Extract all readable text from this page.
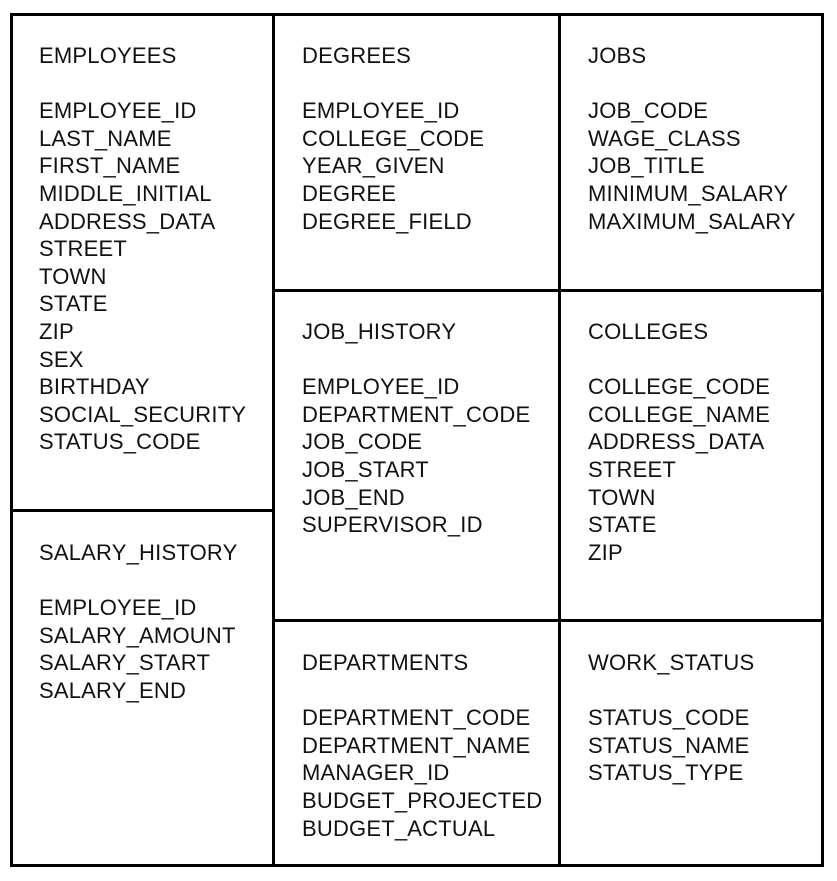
EMPLOYEES
EMPLOYEE_ID
LAST_NAME
FIRST_NAME
MIDDLE_INITIAL
ADDRESS_DATA
STREET
TOWN
STATE
ZIP
SEX
BIRTHDAY
SOCIAL_SECURITY
STATUS_CODE
DEGREES
EMPLOYEE_ID
COLLEGE_CODE
YEAR_GIVEN
DEGREE
DEGREE_FIELD
JOBS
JOB_CODE
WAGE_CLASS
JOB_TITLE
MINIMUM_SALARY
MAXIMUM_SALARY
JOB_HISTORY
EMPLOYEE_ID
DEPARTMENT_CODE
JOB_CODE
JOB_START
JOB_END
SUPERVISOR_ID
COLLEGES
COLLEGE_CODE
COLLEGE_NAME
ADDRESS_DATA
STREET
TOWN
STATE
ZIP
SALARY_HISTORY
EMPLOYEE_ID
SALARY_AMOUNT
SALARY_START
SALARY_END
DEPARTMENTS
DEPARTMENT_CODE
DEPARTMENT_NAME
MANAGER_ID
BUDGET_PROJECTED
BUDGET_ACTUAL
WORK_STATUS
STATUS_CODE
STATUS_NAME
STATUS_TYPE
